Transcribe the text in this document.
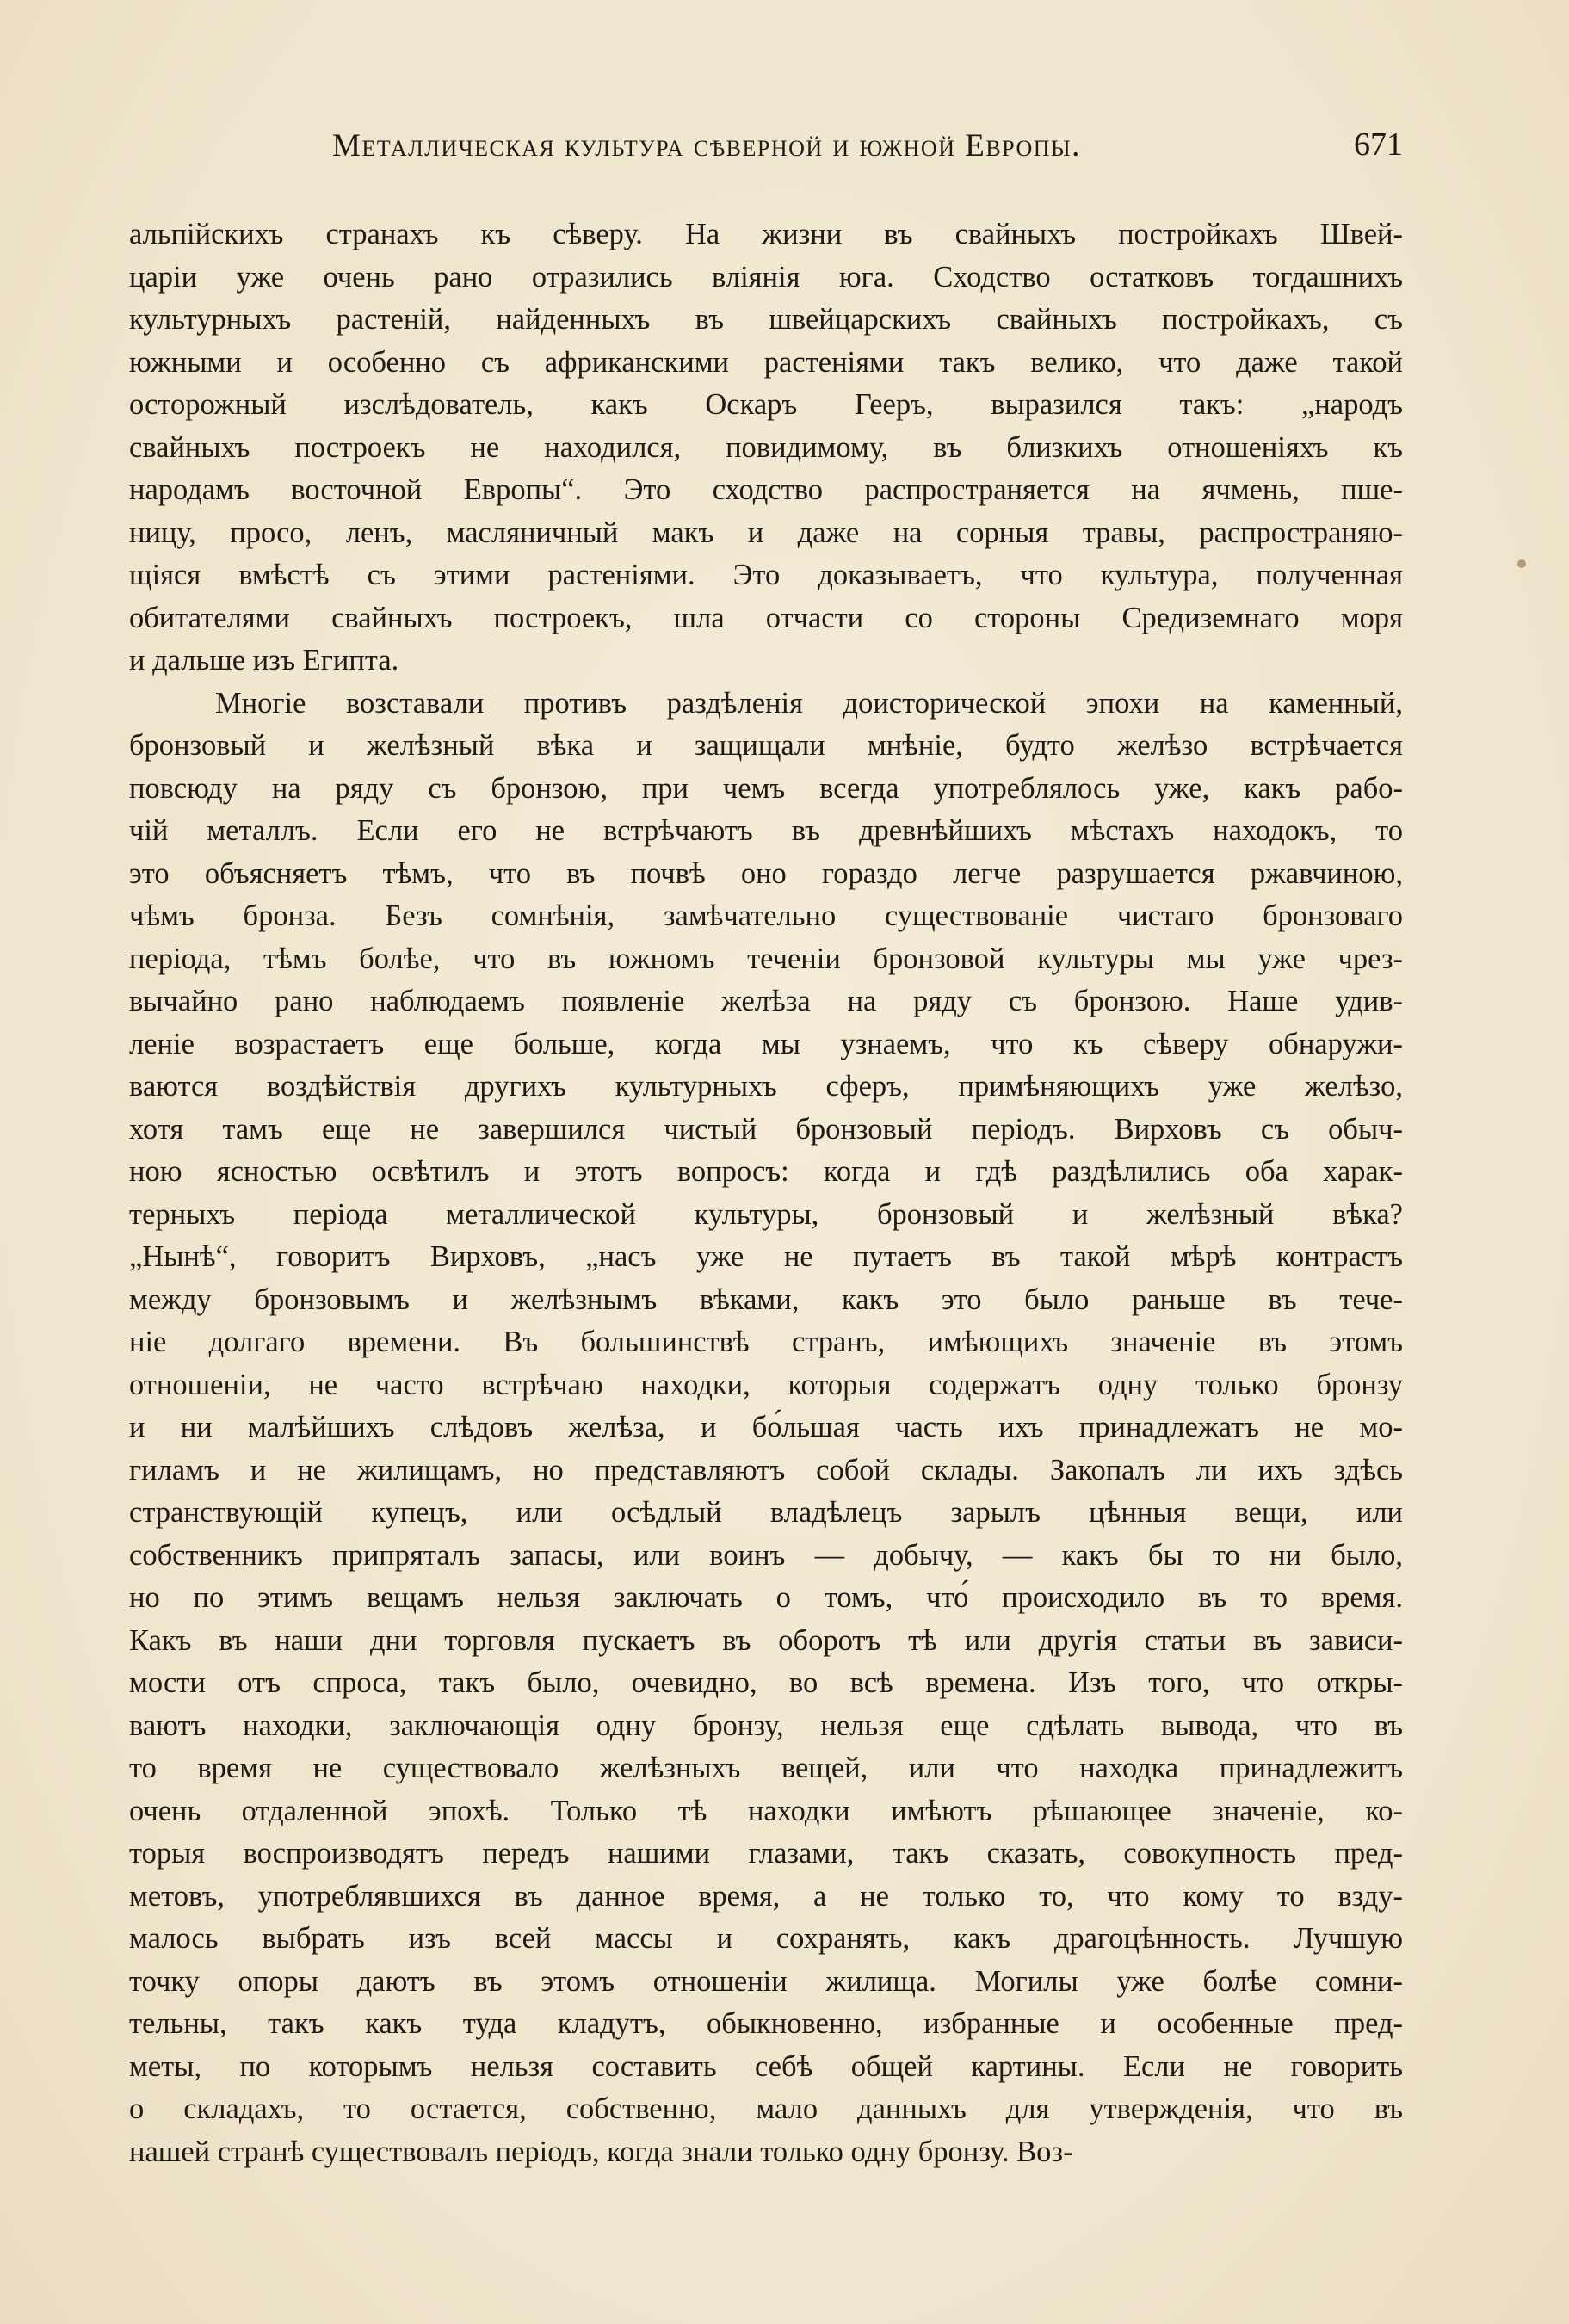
Металлическая культура сѣверной и южной Европы.	671
альпійскихъ странахъ къ сѣверу. На жизни въ свайныхъ постройкахъ Швей-
царіи уже очень рано отразились вліянія юга. Сходство остатковъ тогдашнихъ
культурныхъ растеній, найденныхъ въ швейцарскихъ свайныхъ постройкахъ, съ
южными и особенно съ африканскими растеніями такъ велико, что даже такой
осторожный изслѣдователь, какъ Оскаръ Геeръ, выразился такъ: „народъ
свайныхъ построекъ не находился, повидимому, въ близкихъ отношеніяхъ къ
народамъ восточной Европы“. Это сходство распространяется на ячмень, пше-
ницу, просо, ленъ, масляничный макъ и даже на сорныя травы, распространяю-
щіяся вмѣстѣ съ этими растеніями. Это доказываетъ, что культура, полученная
обитателями свайныхъ построекъ, шла отчасти со стороны Средиземнаго моря
и дальше изъ Египта.
Многіе возставали противъ раздѣленія доисторической эпохи на каменный,
бронзовый и желѣзный вѣка и защищали мнѣніе, будто желѣзо встрѣчается
повсюду на ряду съ бронзою, при чемъ всегда употреблялось уже, какъ рабо-
чій металлъ. Если его не встрѣчаютъ въ древнѣйшихъ мѣстахъ находокъ, то
это объясняетъ тѣмъ, что въ почвѣ оно гораздо легче разрушается ржавчиною,
чѣмъ бронза. Безъ сомнѣнія, замѣчательно существованіе чистаго бронзоваго
періода, тѣмъ болѣе, что въ южномъ теченіи бронзовой культуры мы уже чрез-
вычайно рано наблюдаемъ появленіе желѣза на ряду съ бронзою. Наше удив-
леніе возрастаетъ еще больше, когда мы узнаемъ, что къ сѣверу обнаружи-
ваются воздѣйствія другихъ культурныхъ сферъ, примѣняющихъ уже желѣзо,
хотя тамъ еще не завершился чистый бронзовый періодъ. Вирховъ съ обыч-
ною ясностью освѣтилъ и этотъ вопросъ: когда и гдѣ раздѣлились оба харак-
терныхъ періода металлической культуры, бронзовый и желѣзный вѣка?
„Нынѣ“, говоритъ Вирховъ, „насъ уже не путаетъ въ такой мѣрѣ контрастъ
между бронзовымъ и желѣзнымъ вѣками, какъ это было раньше въ тече-
ніе долгаго времени. Въ большинствѣ странъ, имѣющихъ значеніе въ этомъ
отношеніи, не часто встрѣчаю находки, которыя содержатъ одну только бронзу
и ни малѣйшихъ слѣдовъ желѣза, и бо́льшая часть ихъ принадлежатъ не мо-
гиламъ и не жилищамъ, но представляютъ собой склады. Закопалъ ли ихъ здѣсь
странствующій купецъ, или осѣдлый владѣлецъ зарылъ цѣнныя вещи, или
собственникъ припряталъ запасы, или воинъ — добычу, — какъ бы то ни было,
но по этимъ вещамъ нельзя заключать о томъ, что́ происходило въ то время.
Какъ въ наши дни торговля пускаетъ въ оборотъ тѣ или другія статьи въ зависи-
мости отъ спроса, такъ было, очевидно, во всѣ времена. Изъ того, что откры-
ваютъ находки, заключающія одну бронзу, нельзя еще сдѣлать вывода, что въ
то время не существовало желѣзныхъ вещей, или что находка принадлежитъ
очень отдаленной эпохѣ. Только тѣ находки имѣютъ рѣшающее значеніе, ко-
торыя воспроизводятъ передъ нашими глазами, такъ сказать, совокупность пред-
метовъ, употреблявшихся въ данное время, а не только то, что кому то взду-
малось выбрать изъ всей массы и сохранять, какъ драгоцѣнность. Лучшую
точку опоры даютъ въ этомъ отношеніи жилища. Могилы уже болѣе сомни-
тельны, такъ какъ туда кладутъ, обыкновенно, избранные и особенные пред-
меты, по которымъ нельзя составить себѣ общей картины. Если не говорить
о складахъ, то остается, собственно, мало данныхъ для утвержденія, что въ
нашей странѣ существовалъ періодъ, когда знали только одну бронзу. Воз-
